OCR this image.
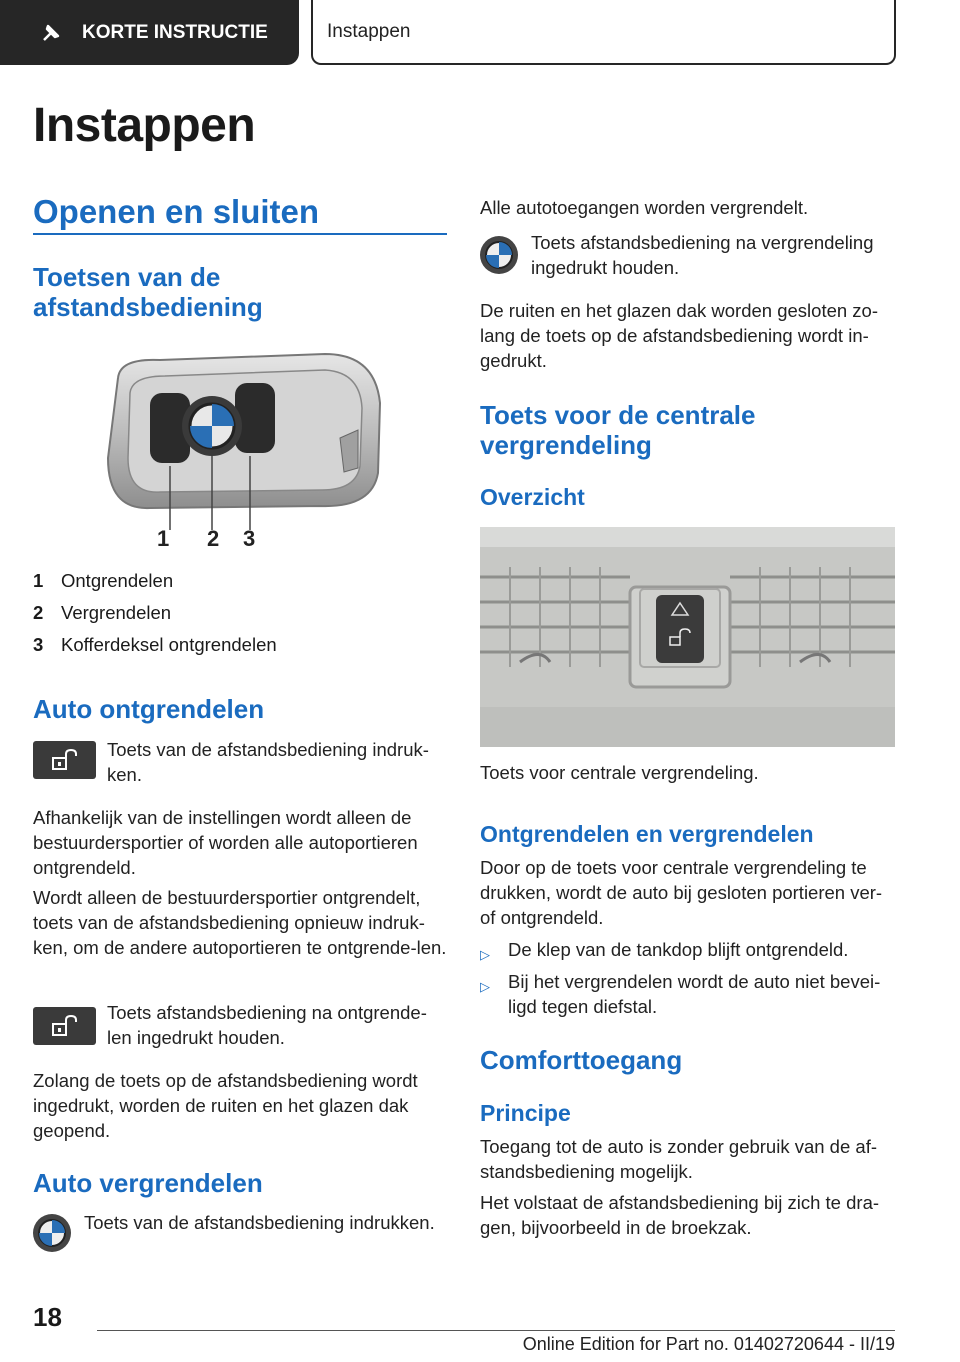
KORTE INSTRUCTIE	Instappen
Instappen
Openen en sluiten
Toetsen van de afstandsbediening
1 2 3
1 Ontgrendelen
2 Vergrendelen
3 Kofferdeksel ontgrendelen
Auto ontgrendelen
Toets van de afstandsbediening indruk-ken.
Afhankelijk van de instellingen wordt alleen de bestuurdersportier of worden alle autoportieren ontgrendeld.
Wordt alleen de bestuurdersportier ontgrendelt, toets van de afstandsbediening opnieuw indruk-ken, om de andere autoportieren te ontgrende-len.
Toets afstandsbediening na ontgrende-len ingedrukt houden.
Zolang de toets op de afstandsbediening wordt ingedrukt, worden de ruiten en het glazen dak geopend.
Auto vergrendelen
Toets van de afstandsbediening indrukken.
Alle autotoegangen worden vergrendelt.
Toets afstandsbediening na vergrendeling ingedrukt houden.
De ruiten en het glazen dak worden gesloten zo-lang de toets op de afstandsbediening wordt in-gedrukt.
Toets voor de centrale vergrendeling
Overzicht
Toets voor centrale vergrendeling.
Ontgrendelen en vergrendelen
Door op de toets voor centrale vergrendeling te drukken, wordt de auto bij gesloten portieren ver- of ontgrendeld.
▷ De klep van de tankdop blijft ontgrendeld.
▷ Bij het vergrendelen wordt de auto niet bevei-ligd tegen diefstal.
Comforttoegang
Principe
Toegang tot de auto is zonder gebruik van de af-standsbediening mogelijk.
Het volstaat de afstandsbediening bij zich te dra-gen, bijvoorbeeld in de broekzak.
18
Online Edition for Part no. 01402720644 - II/19
